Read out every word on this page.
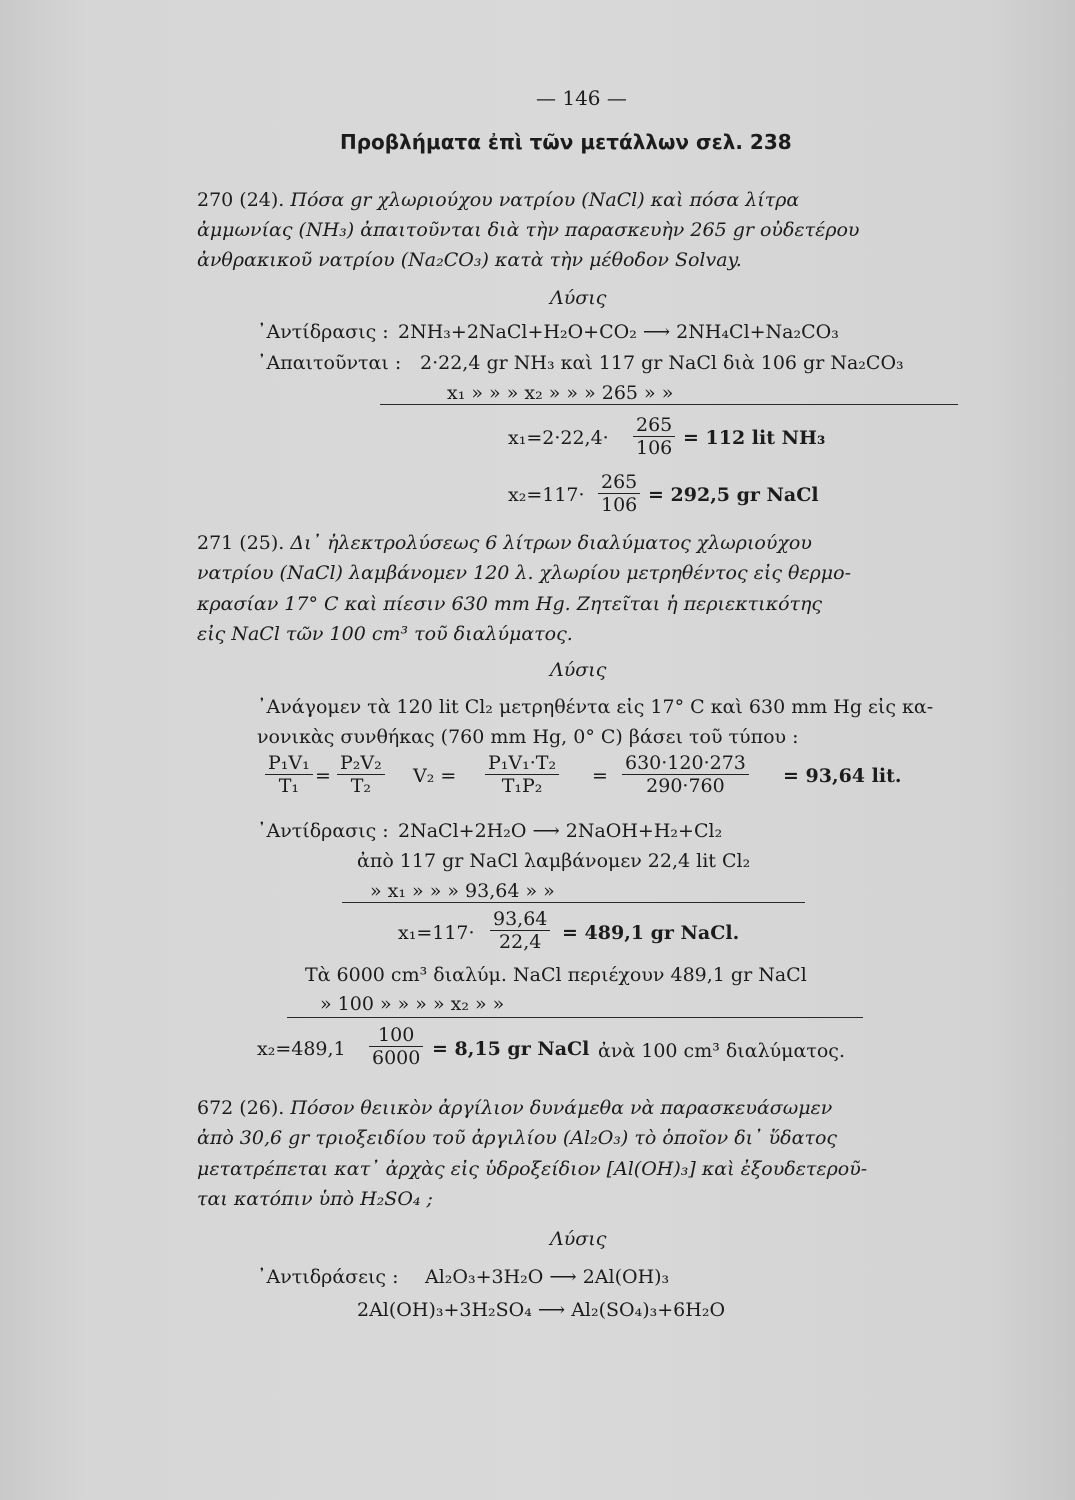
— 146 —
Προβλήματα ἐπὶ τῶν μετάλλων σελ. 238
270 (24). Πόσα gr χλωριούχου νατρίου (NaCl) καὶ πόσα λίτρα
ἀμμωνίας (NH₃) ἀπαιτοῦνται διὰ τὴν παρασκευὴν 265 gr οὐδετέρου
ἀνθρακικοῦ νατρίου (Na₂CO₃) κατὰ τὴν μέθοδον Solvay.
Λύσις
᾿Αντίδρασις : 2NH₃+2NaCl+H₂O+CO₂ ⟶ 2NH₄Cl+Na₂CO₃
᾿Απαιτοῦνται : 2·22,4 gr NH₃ καὶ 117 gr NaCl διὰ 106 gr Na₂CO₃
x₁ » » » x₂ » » » 265 » »
$x_1=2\cdot 22,4\cdot \frac{265}{106} = 112$ lit NH₃
$x_2=117\cdot \frac{265}{106} = 292,5$ gr NaCl
271 (25). Δι᾿ ἠλεκτρολύσεως 6 λίτρων διαλύματος χλωριούχου
νατρίου (NaCl) λαμβάνομεν 120 λ. χλωρίου μετρηθέντος εἰς θερμο-
κρασίαν 17° C καὶ πίεσιν 630 mm Hg. Ζητεῖται ἡ περιεκτικότης
εἰς NaCl τῶν 100 cm³ τοῦ διαλύματος.
Λύσις
᾿Ανάγομεν τὰ 120 lit Cl₂ μετρηθέντα εἰς 17° C καὶ 630 mm Hg εἰς κα-
νονικὰς συνθήκας (760 mm Hg, 0° C) βάσει τοῦ τύπου :
$\frac{\text{P₁V₁}}{\text{T₁}} = \frac{\text{P₂V₂}}{\text{T₂}} V_2 = \frac{\text{P₁V₁·T₂}}{\text{T₁P₂}} = \frac{630\cdot 120\cdot 273}{290\cdot 760} = 93,64$ lit.
᾿Αντίδρασις : 2NaCl+2H₂O ⟶ 2NaOH+H₂+Cl₂
ἀπὸ 117 gr NaCl λαμβάνομεν 22,4 lit Cl₂
» x₁ » » » 93,64 » »
$x_1=117\cdot \frac{93,64}{22,4} = 489,1$ gr NaCl.
Τὰ 6000 cm³ διαλύμ. NaCl περιέχουν 489,1 gr NaCl
» 100 » » » » x₂ » »
$x_2=489,1 \frac{100}{6000} = 8,15$ gr NaCl ἀνὰ 100 cm³ διαλύματος.
672 (26). Πόσον θειικὸν ἀργίλιον δυνάμεθα νὰ παρασκευάσωμεν
ἀπὸ 30,6 gr τριοξειδίου τοῦ ἀργιλίου (Al₂O₃) τὸ ὁποῖον δι᾿ ὕδατος
μετατρέπεται κατ᾿ ἀρχὰς εἰς ὑδροξείδιον [Al(OH)₃] καὶ ἐξουδετεροῦ-
ται κατόπιν ὑπὸ H₂SO₄ ;
Λύσις
᾿Αντιδράσεις : Al₂O₃+3H₂O ⟶ 2Al(OH)₃
2Al(OH)₃+3H₂SO₄ ⟶ Al₂(SO₄)₃+6H₂O
